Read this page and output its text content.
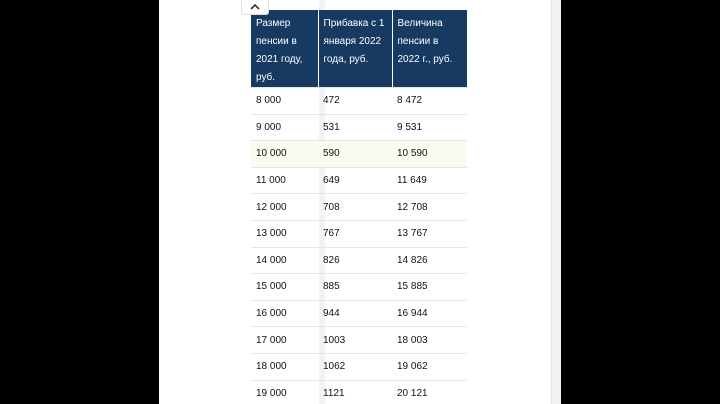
Размер пенсии в 2021 году, руб.	Прибавка с 1 января 2022 года, руб.	Величина пенсии в 2022 г., руб.
8 000	472	8 472
9 000	531	9 531
10 000	590	10 590
11 000	649	11 649
12 000	708	12 708
13 000	767	13 767
14 000	826	14 826
15 000	885	15 885
16 000	944	16 944
17 000	1003	18 003
18 000	1062	19 062
19 000	1121	20 121
